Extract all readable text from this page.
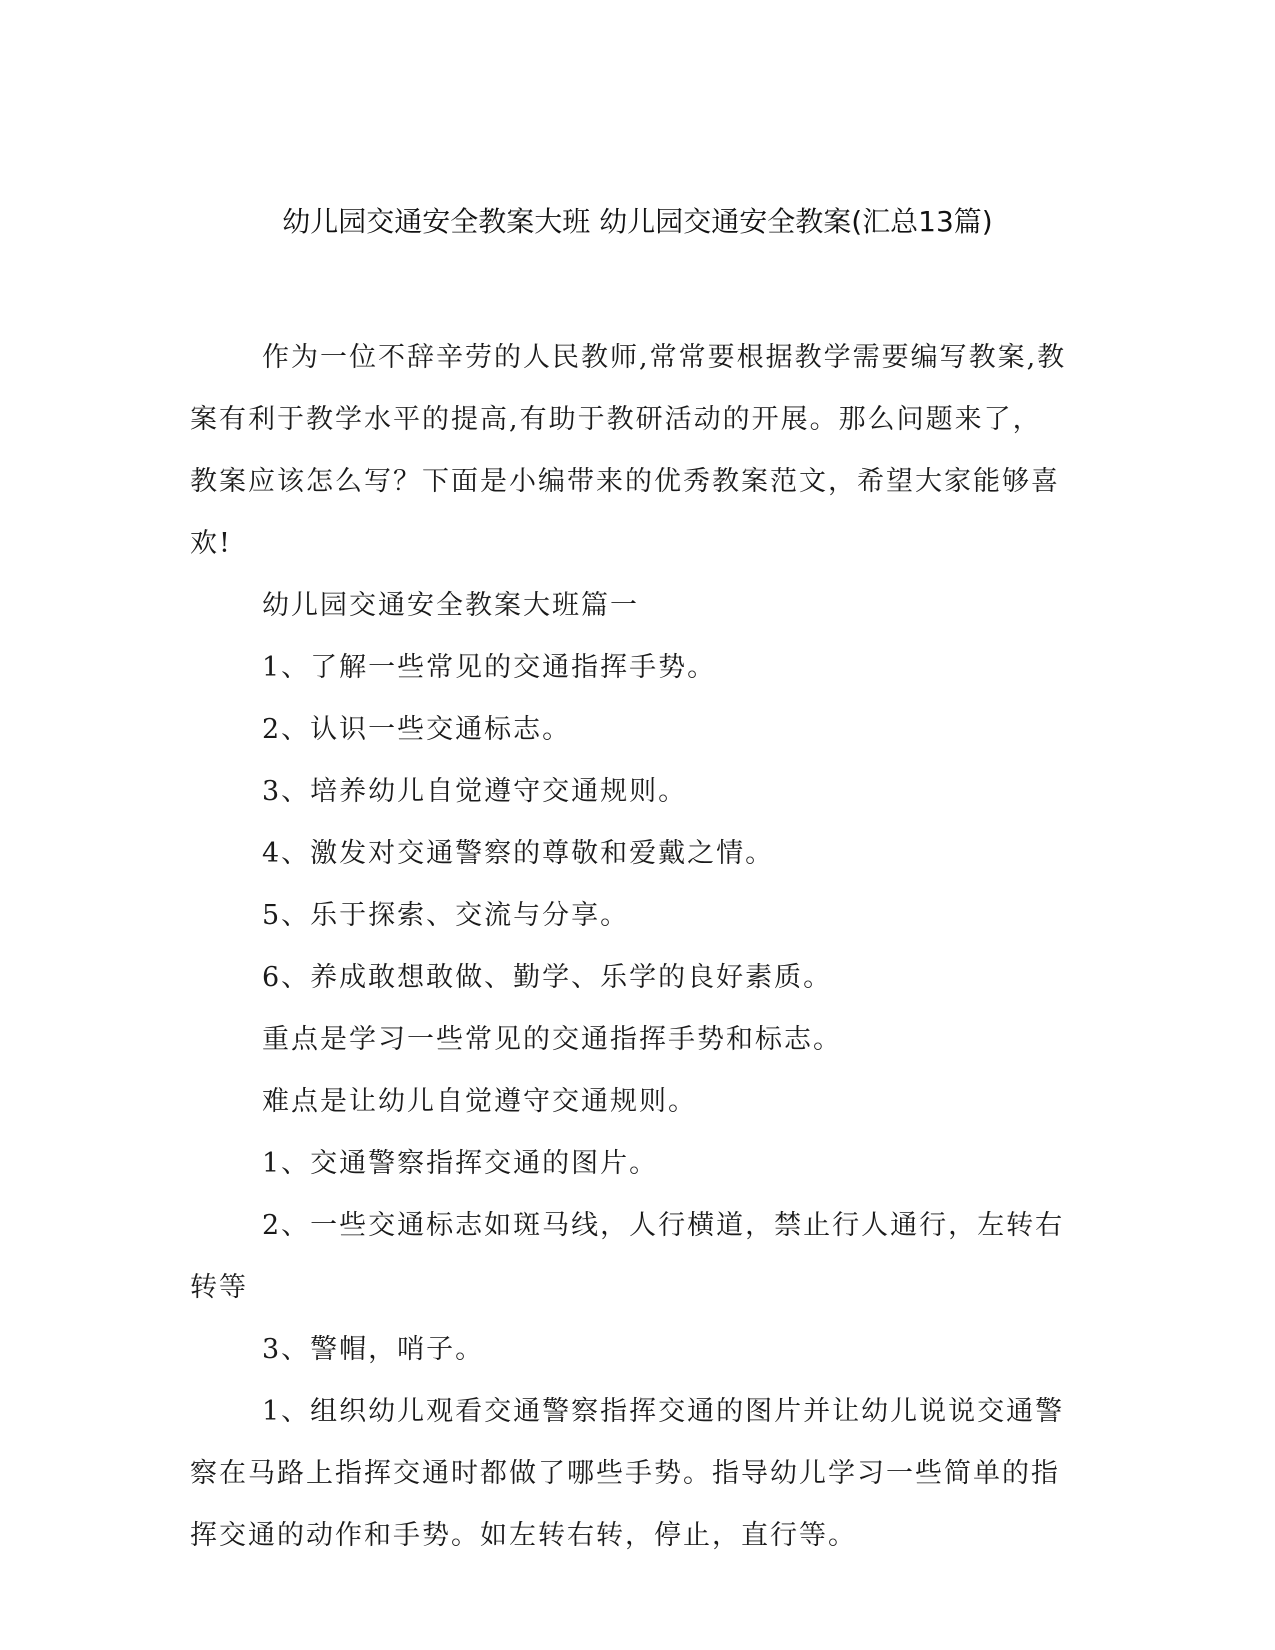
幼儿园交通安全教案大班 幼儿园交通安全教案(汇总13篇)

作为一位不辞辛劳的人民教师,常常要根据教学需要编写教案,教案有利于教学水平的提高,有助于教研活动的开展。那么问题来了，教案应该怎么写？下面是小编带来的优秀教案范文，希望大家能够喜欢!

幼儿园交通安全教案大班篇一

1、了解一些常见的交通指挥手势。

2、认识一些交通标志。

3、培养幼儿自觉遵守交通规则。

4、激发对交通警察的尊敬和爱戴之情。

5、乐于探索、交流与分享。

6、养成敢想敢做、勤学、乐学的良好素质。

重点是学习一些常见的交通指挥手势和标志。

难点是让幼儿自觉遵守交通规则。

1、交通警察指挥交通的图片。

2、一些交通标志如斑马线，人行横道，禁止行人通行，左转右转等

3、警帽，哨子。

1、组织幼儿观看交通警察指挥交通的图片并让幼儿说说交通警察在马路上指挥交通时都做了哪些手势。指导幼儿学习一些简单的指挥交通的动作和手势。如左转右转，停止，直行等。
